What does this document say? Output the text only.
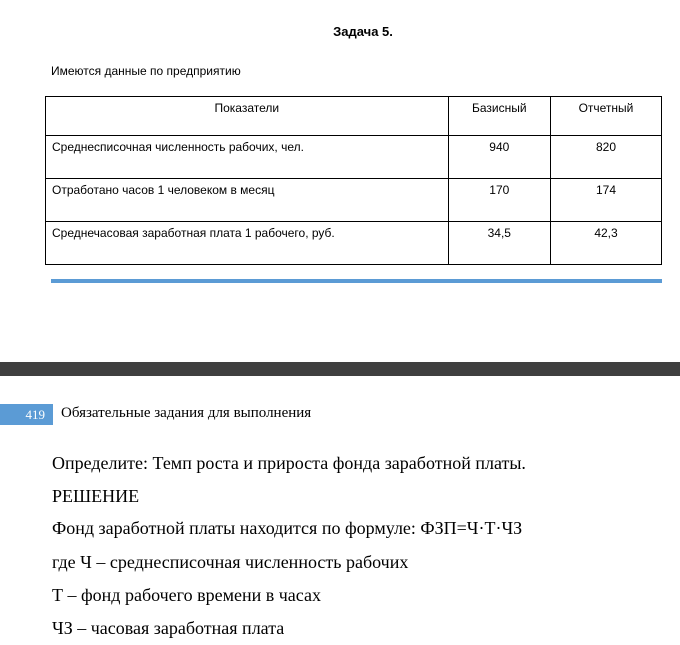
Задача 5.
Имеются данные по предприятию
Показатели	Базисный	Отчетный
Среднесписочная численность рабочих, чел.	940	820
Отработано часов 1 человеком в месяц	170	174
Среднечасовая заработная плата 1 рабочего, руб.	34,5	42,3
419	Обязательные задания для выполнения
Определите: Темп роста и прироста фонда заработной платы.
РЕШЕНИЕ
Фонд заработной платы находится по формуле: ФЗП=Ч·Т·ЧЗ
где Ч – среднесписочная численность рабочих
Т – фонд рабочего времени в часах
ЧЗ – часовая заработная плата
